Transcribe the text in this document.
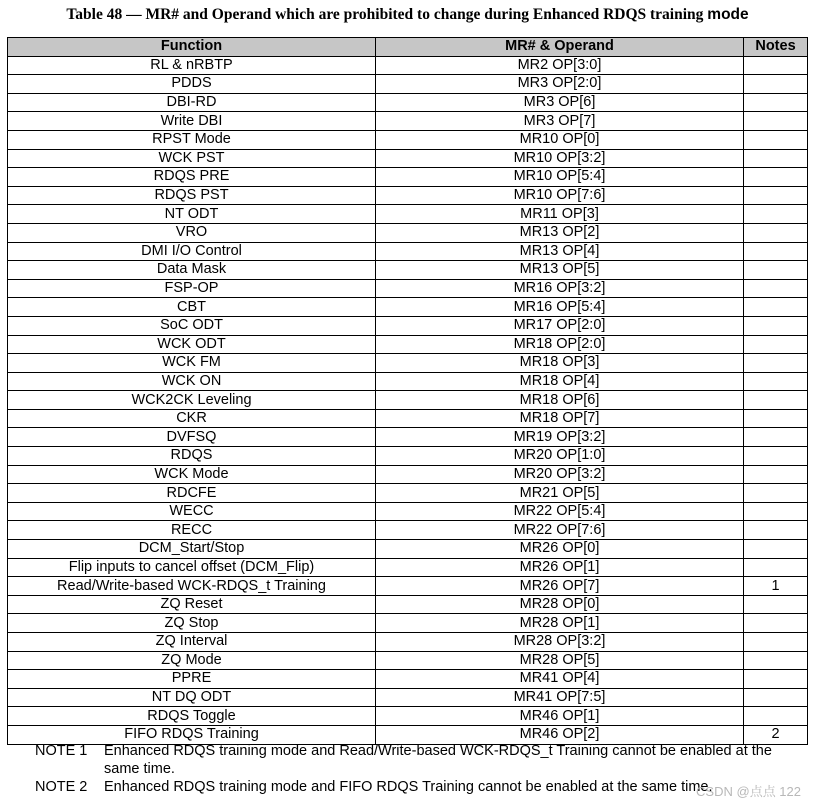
Table 48 — MR# and Operand which are prohibited to change during Enhanced RDQS training mode
Function	MR# & Operand	Notes
RL & nRBTP	MR2 OP[3:0]	
PDDS	MR3 OP[2:0]	
DBI-RD	MR3 OP[6]	
Write DBI	MR3 OP[7]	
RPST Mode	MR10 OP[0]	
WCK PST	MR10 OP[3:2]	
RDQS PRE	MR10 OP[5:4]	
RDQS PST	MR10 OP[7:6]	
NT ODT	MR11 OP[3]	
VRO	MR13 OP[2]	
DMI I/O Control	MR13 OP[4]	
Data Mask	MR13 OP[5]	
FSP-OP	MR16 OP[3:2]	
CBT	MR16 OP[5:4]	
SoC ODT	MR17 OP[2:0]	
WCK ODT	MR18 OP[2:0]	
WCK FM	MR18 OP[3]	
WCK ON	MR18 OP[4]	
WCK2CK Leveling	MR18 OP[6]	
CKR	MR18 OP[7]	
DVFSQ	MR19 OP[3:2]	
RDQS	MR20 OP[1:0]	
WCK Mode	MR20 OP[3:2]	
RDCFE	MR21 OP[5]	
WECC	MR22 OP[5:4]	
RECC	MR22 OP[7:6]	
DCM_Start/Stop	MR26 OP[0]	
Flip inputs to cancel offset (DCM_Flip)	MR26 OP[1]	
Read/Write-based WCK-RDQS_t Training	MR26 OP[7]	1
ZQ Reset	MR28 OP[0]	
ZQ Stop	MR28 OP[1]	
ZQ Interval	MR28 OP[3:2]	
ZQ Mode	MR28 OP[5]	
PPRE	MR41 OP[4]	
NT DQ ODT	MR41 OP[7:5]	
RDQS Toggle	MR46 OP[1]	
FIFO RDQS Training	MR46 OP[2]	2
NOTE 1	Enhanced RDQS training mode and Read/Write-based WCK-RDQS_t Training cannot be enabled at the same time.
NOTE 2	Enhanced RDQS training mode and FIFO RDQS Training cannot be enabled at the same time.
CSDN @点点 122
